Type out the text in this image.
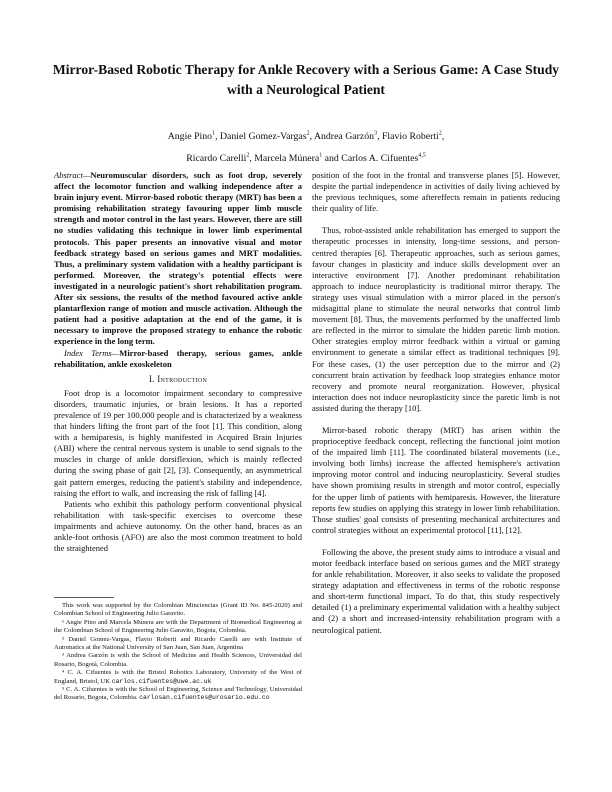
Mirror-Based Robotic Therapy for Ankle Recovery with a Serious Game: A Case Study with a Neurological Patient
Angie Pino$^1$, Daniel Gomez-Vargas$^2$, Andrea Garzón$^3$, Flavio Roberti$^2$,
Ricardo Carelli$^2$, Marcela Múnera$^1$ and Carlos A. Cifuentes$^{4,5}$

Abstract—Neuromuscular disorders, such as foot drop, severely affect the locomotor function and walking independence after a brain injury event. Mirror-based robotic therapy (MRT) has been a promising rehabilitation strategy favouring upper limb muscle strength and motor control in the last years. However, there are still no studies validating this technique in lower limb experimental protocols. This paper presents an innovative visual and motor feedback strategy based on serious games and MRT modalities. Thus, a preliminary system validation with a healthy participant is performed. Moreover, the strategy's potential effects were investigated in a neurologic patient's short rehabilitation program. After six sessions, the results of the method favoured active ankle plantarflexion range of motion and muscle activation. Although the patient had a positive adaptation at the end of the game, it is necessary to improve the proposed strategy to enhance the robotic experience in the long term.

Index Terms—Mirror-based therapy, serious games, ankle rehabilitation, ankle exoskeleton

I. Introduction

Foot drop is a locomotor impairment secondary to compressive disorders, traumatic injuries, or brain lesions. It has a reported prevalence of 19 per 100.000 people and is characterized by a weakness that hinders lifting the front part of the foot [1]. This condition, along with a hemiparesis, is highly manifested in Acquired Brain Injuries (ABI) where the central nervous system is unable to send signals to the muscles in charge of ankle dorsiflexion, which is mainly reflected during the swing phase of gait [2], [3]. Consequently, an asymmetrical gait pattern emerges, reducing the patient's stability and independence, raising the effort to walk, and increasing the risk of falling [4].

Patients who exhibit this pathology perform conventional physical rehabilitation with task-specific exercises to overcome these impairments and achieve autonomy. On the other hand, braces as an ankle-foot orthosis (AFO) are also the most common treatment to hold the straightened

This work was supported by the Colombian Minciencias (Grant ID No. 845-2020) and Colombian School of Engineering Julio Garavito.

¹ Angie Pino and Marcela Múnera are with the Department of Biomedical Engineering at the Colombian School of Engineering Julio Garavito, Bogota, Colombia.

² Daniel Gomez-Vargas, Flavio Roberti and Ricardo Carelli are with Institute of Automatics at the National University of San Juan, San Juan, Argentina

³ Andrea Garzón is with the School of Medicine and Health Sciences, Universidad del Rosario, Bogotá, Colombia.

⁴ C. A. Cifuentes is with the Bristol Robotics Laboratory, University of the West of England, Bristol, UK carlos.cifuentes@uwe.ac.uk

⁵ C. A. Cifuentes is with the School of Engineering, Science and Technology, Universidad del Rosario, Bogota, Colombia. carlosan.cifuentes@urosario.edu.co

position of the foot in the frontal and transverse planes [5]. However, despite the partial independence in activities of daily living achieved by the previous techniques, some aftereffects remain in patients reducing their quality of life.

Thus, robot-assisted ankle rehabilitation has emerged to support the therapeutic processes in intensity, long-time sessions, and person-centred therapies [6]. Therapeutic approaches, such as serious games, favour changes in plasticity and induce skills development over an interactive environment [7]. Another predominant rehabilitation approach to induce neuroplasticity is traditional mirror therapy. The strategy uses visual stimulation with a mirror placed in the person's midsagittal plane to stimulate the neural networks that control limb movement [8]. Thus, the movements performed by the unaffected limb are reflected in the mirror to simulate the hidden paretic limb motion. Other strategies employ mirror feedback within a virtual or gaming environment to generate a similar effect as traditional techniques [9]. For these cases, (1) the user perception due to the mirror and (2) concurrent brain activation by feedback loop strategies enhance motor recovery and promote neural reorganization. However, physical interaction does not induce neuroplasticity since the paretic limb is not assisted during the therapy [10].

Mirror-based robotic therapy (MRT) has arisen within the proprioceptive feedback concept, reflecting the functional joint motion of the impaired limb [11]. The coordinated bilateral movements (i.e., involving both limbs) increase the affected hemisphere's activation improving motor control and inducing neuroplasticity. Several studies have shown promising results in strength and motor control, especially for the upper limb of patients with hemiparesis. However, the literature reports few studies on applying this strategy in lower limb rehabilitation. Those studies' goal consists of presenting mechanical architectures and control strategies without an experimental protocol [11], [12].

Following the above, the present study aims to introduce a visual and motor feedback interface based on serious games and the MRT strategy for ankle rehabilitation. Moreover, it also seeks to validate the proposed strategy adaptation and effectiveness in terms of the robotic response and short-term functional impact. To do that, this study respectively detailed (1) a preliminary experimental validation with a healthy subject and (2) a short and increased-intensity rehabilitation program with a neurological patient.
